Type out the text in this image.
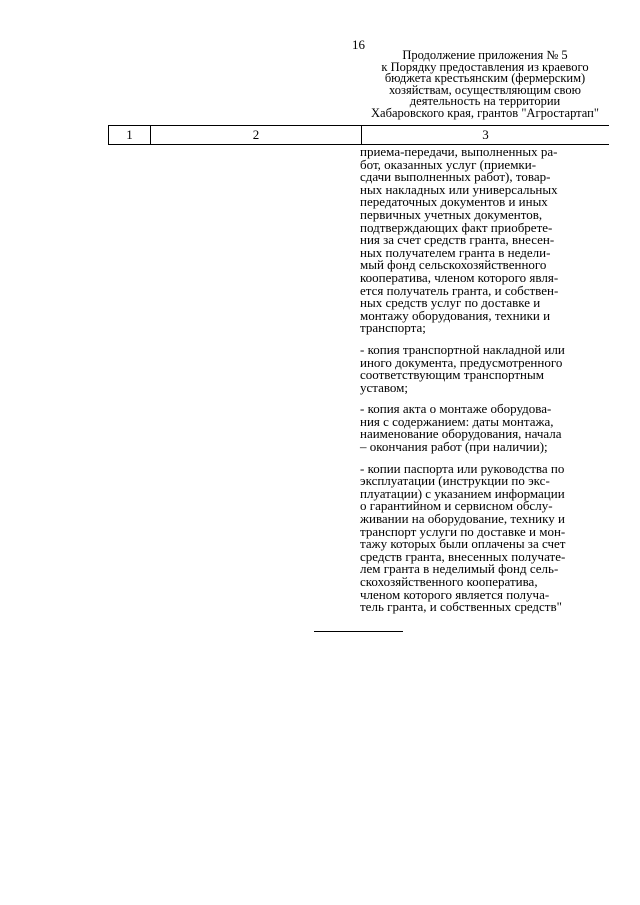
16
Продолжение приложения № 5
к Порядку предоставления из краевого
бюджета крестьянским (фермерским)
хозяйствам, осуществляющим свою
деятельность на территории
Хабаровского края, грантов "Агростартап"
1	2	3
приема-передачи, выполненных ра-
бот, оказанных услуг (приемки-
сдачи выполненных работ), товар-
ных накладных или универсальных
передаточных документов и иных
первичных учетных документов,
подтверждающих факт приобрете-
ния за счет средств гранта, внесен-
ных получателем гранта в недели-
мый фонд сельскохозяйственного
кооператива, членом которого явля-
ется получатель гранта, и собствен-
ных средств услуг по доставке и
монтажу оборудования, техники и
транспорта;
- копия транспортной накладной или
иного документа, предусмотренного
соответствующим транспортным
уставом;
- копия акта о монтаже оборудова-
ния с содержанием: даты монтажа,
наименование оборудования, начала
– окончания работ (при наличии);
- копии паспорта или руководства по
эксплуатации (инструкции по экс-
плуатации) с указанием информации
о гарантийном и сервисном обслу-
живании на оборудование, технику и
транспорт услуги по доставке и мон-
тажу которых были оплачены за счет
средств гранта, внесенных получате-
лем гранта в неделимый фонд сель-
скохозяйственного кооператива,
членом которого является получа-
тель гранта, и собственных средств"
